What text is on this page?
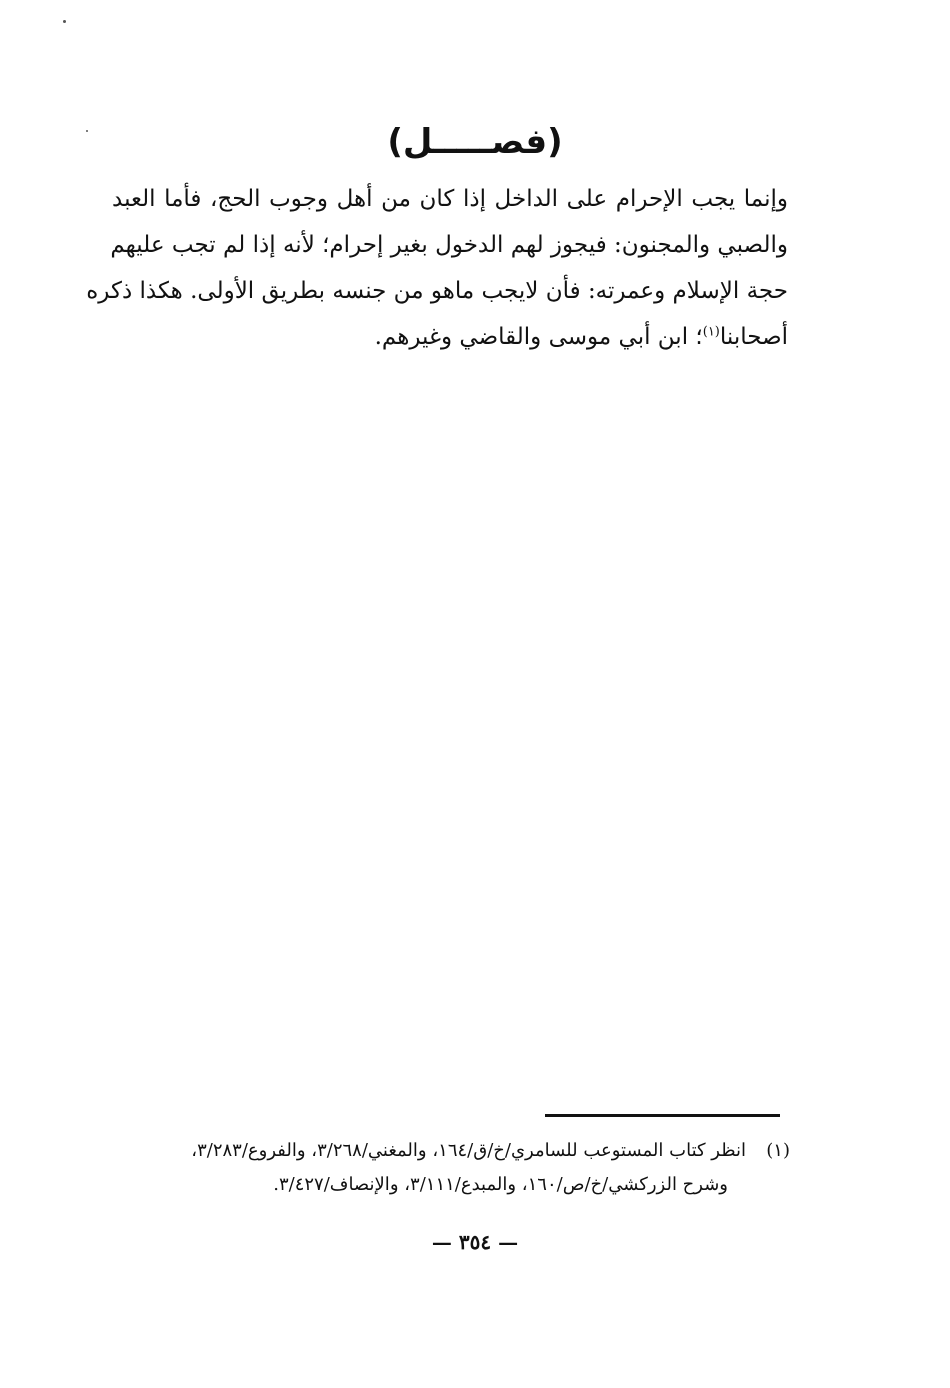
(فصـــــل)
وإنما يجب الإحرام على الداخل إذا كان من أهل وجوب الحج، فأما العبد
والصبي والمجنون: فيجوز لهم الدخول بغير إحرام؛ لأنه إذا لم تجب عليهم
حجة الإسلام وعمرته: فأن لايجب ماهو من جنسه بطريق الأولى. هكذا ذكره
أصحابنا$^{(١)}$؛ ابن أبي موسى والقاضي وغيرهم.
(١)انظر كتاب المستوعب للسامري/خ/ق/١٦٤، والمغني/٣/٢٦٨، والفروع/٣/٢٨٣،
وشرح الزركشي/خ/ص/١٦٠، والمبدع/٣/١١١، والإنصاف/٣/٤٢٧.
— ٣٥٤ —
